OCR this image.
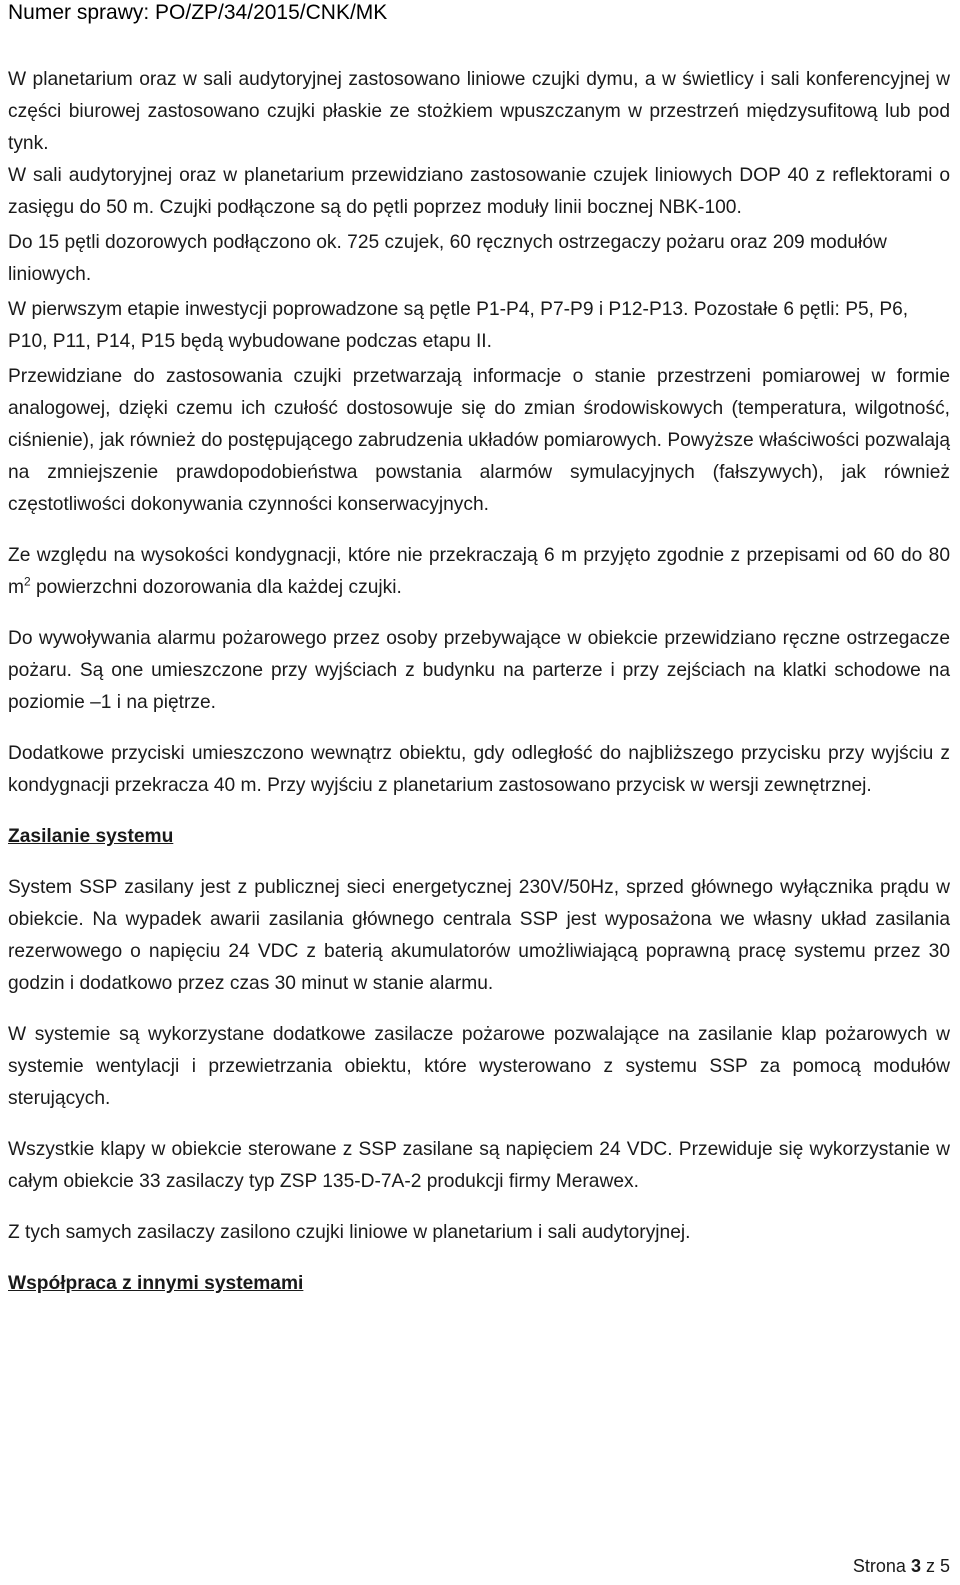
Numer sprawy: PO/ZP/34/2015/CNK/MK

W planetarium oraz w sali audytoryjnej zastosowano liniowe czujki dymu, a w świetlicy i sali konferencyjnej w części biurowej zastosowano czujki płaskie ze stożkiem wpuszczanym w przestrzeń międzysufitową lub pod tynk.

W sali audytoryjnej oraz w planetarium przewidziano zastosowanie czujek liniowych DOP 40 z reflektorami o zasięgu do 50 m. Czujki podłączone są do pętli poprzez moduły linii bocznej NBK-100.

Do 15 pętli dozorowych podłączono ok. 725 czujek, 60 ręcznych ostrzegaczy pożaru oraz 209 modułów liniowych.

W pierwszym etapie inwestycji poprowadzone są pętle P1-P4, P7-P9 i P12-P13. Pozostałe 6 pętli: P5, P6, P10, P11, P14, P15 będą wybudowane podczas etapu II.

Przewidziane do zastosowania czujki przetwarzają informacje o stanie przestrzeni pomiarowej w formie analogowej, dzięki czemu ich czułość dostosowuje się do zmian środowiskowych (temperatura, wilgotność, ciśnienie), jak również do postępującego zabrudzenia układów pomiarowych. Powyższe właściwości pozwalają na zmniejszenie prawdopodobieństwa powstania alarmów symulacyjnych (fałszywych), jak również częstotliwości dokonywania czynności konserwacyjnych.

Ze względu na wysokości kondygnacji, które nie przekraczają 6 m przyjęto zgodnie z przepisami od 60 do 80 $m^2$ powierzchni dozorowania dla każdej czujki.

Do wywoływania alarmu pożarowego przez osoby przebywające w obiekcie przewidziano ręczne ostrzegacze pożaru. Są one umieszczone przy wyjściach z budynku na parterze i przy zejściach na klatki schodowe na poziomie –1 i na piętrze.

Dodatkowe przyciski umieszczono wewnątrz obiektu, gdy odległość do najbliższego przycisku przy wyjściu z kondygnacji przekracza 40 m. Przy wyjściu z planetarium zastosowano przycisk w wersji zewnętrznej.

Zasilanie systemu

System SSP zasilany jest z publicznej sieci energetycznej 230V/50Hz, sprzed głównego wyłącznika prądu w obiekcie. Na wypadek awarii zasilania głównego centrala SSP jest wyposażona we własny układ zasilania rezerwowego o napięciu 24 VDC z baterią akumulatorów umożliwiającą poprawną pracę systemu przez 30 godzin i dodatkowo przez czas 30 minut w stanie alarmu.

W systemie są wykorzystane dodatkowe zasilacze pożarowe pozwalające na zasilanie klap pożarowych w systemie wentylacji i przewietrzania obiektu, które wysterowano z systemu SSP za pomocą modułów sterujących.

Wszystkie klapy w obiekcie sterowane z SSP zasilane są napięciem 24 VDC. Przewiduje się wykorzystanie w całym obiekcie 33 zasilaczy typ ZSP 135-D-7A-2 produkcji firmy Merawex.

Z tych samych zasilaczy zasilono czujki liniowe w planetarium i sali audytoryjnej.

Współpraca z innymi systemami

Strona 3 z 5
